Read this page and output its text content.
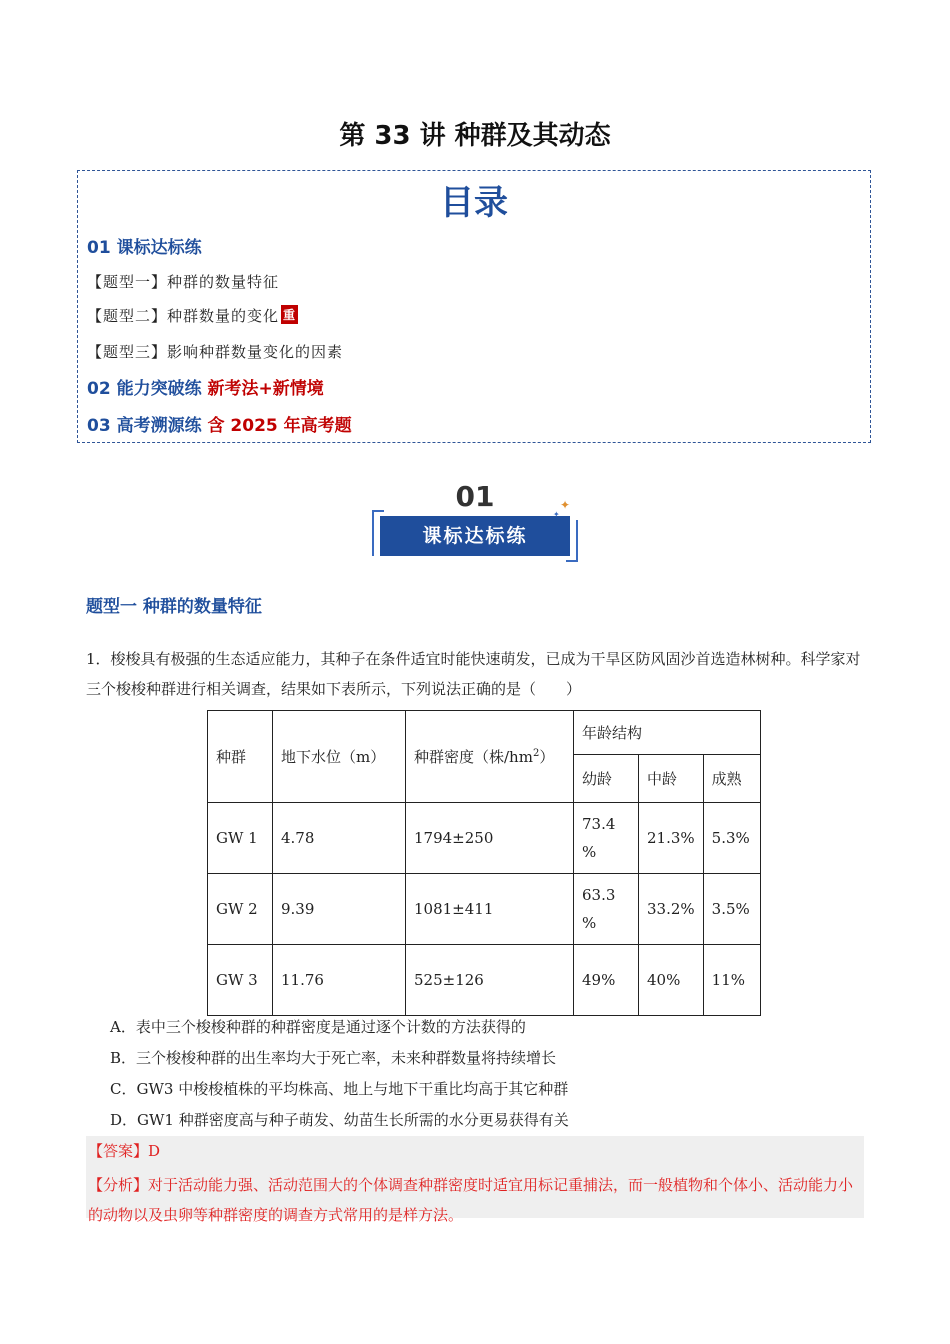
第 33 讲 种群及其动态
目录
01 课标达标练
【题型一】种群的数量特征
【题型二】种群数量的变化 重
【题型三】影响种群数量变化的因素
02 能力突破练 新考法+新情境
03 高考溯源练 含 2025 年高考题
01
课标达标练
✦
✦
题型一 种群的数量特征
1．梭梭具有极强的生态适应能力，其种子在条件适宜时能快速萌发，已成为干旱区防风固沙首选造林树种。科学家对三个梭梭种群进行相关调查，结果如下表所示，下列说法正确的是（　　）
种群	地下水位（m）	种群密度（株$/hm^2$）	年龄结构		
			幼龄	中龄	成熟
GW 1	4.78	1794±250	73.4 %	21.3%	5.3%
GW 2	9.39	1081±411	63.3 %	33.2%	3.5%
GW 3	11.76	525±126	49%	40%	11%
A．表中三个梭梭种群的种群密度是通过逐个计数的方法获得的
B．三个梭梭种群的出生率均大于死亡率，未来种群数量将持续增长
C．GW3 中梭梭植株的平均株高、地上与地下干重比均高于其它种群
D．GW1 种群密度高与种子萌发、幼苗生长所需的水分更易获得有关
【答案】D
【分析】对于活动能力强、活动范围大的个体调查种群密度时适宜用标记重捕法，而一般植物和个体小、活动能力小的动物以及虫卵等种群密度的调查方式常用的是样方法。
